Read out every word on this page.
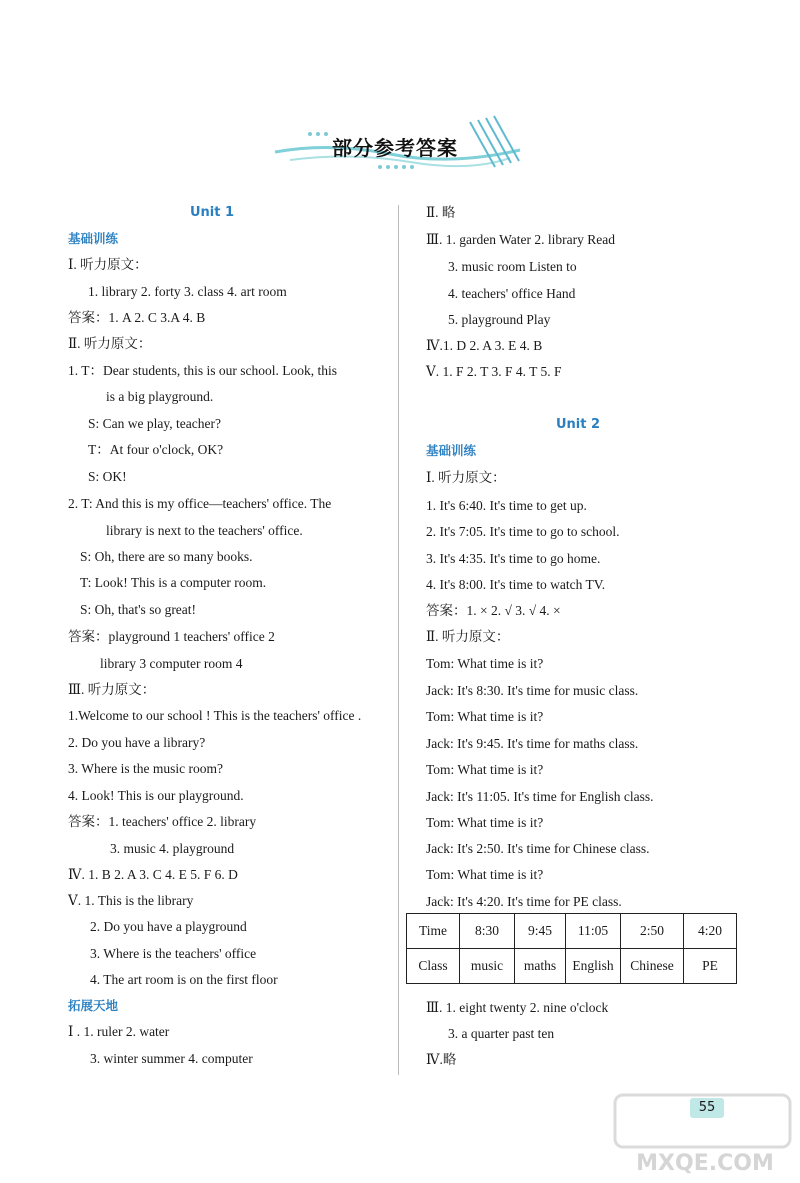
部分参考答案
Unit 1
基础训练
Ⅰ. 听力原文：
1. library 2. forty 3. class 4. art room
答案：1. A 2. C 3.A 4. B
Ⅱ. 听力原文：
1. T：Dear students, this is our school. Look, this
is a big playground.
S: Can we play, teacher?
T：At four o'clock, OK?
S: OK!
2. T: And this is my office—teachers' office. The
library is next to the teachers' office.
S: Oh, there are so many books.
T: Look! This is a computer room.
S: Oh, that's so great!
答案：playground 1 teachers' office 2
library 3 computer room 4
Ⅲ. 听力原文：
1.Welcome to our school ! This is the teachers' office .
2. Do you have a library?
3. Where is the music room?
4. Look! This is our playground.
答案：1. teachers' office 2. library
3. music 4. playground
Ⅳ. 1. B 2. A 3. C 4. E 5. F 6. D
Ⅴ. 1. This is the library
2. Do you have a playground
3. Where is the teachers' office
4. The art room is on the first floor
拓展天地
Ⅰ . 1. ruler 2. water
3. winter summer 4. computer
Ⅱ. 略
Ⅲ. 1. garden Water 2. library Read
3. music room Listen to
4. teachers' office Hand
5. playground Play
Ⅳ.1. D 2. A 3. E 4. B
Ⅴ. 1. F 2. T 3. F 4. T 5. F
Unit 2
基础训练
Ⅰ. 听力原文：
1. It's 6:40. It's time to get up.
2. It's 7:05. It's time to go to school.
3. It's 4:35. It's time to go home.
4. It's 8:00. It's time to watch TV.
答案：1. × 2. √ 3. √ 4. ×
Ⅱ. 听力原文：
Tom: What time is it?
Jack: It's 8:30. It's time for music class.
Tom: What time is it?
Jack: It's 9:45. It's time for maths class.
Tom: What time is it?
Jack: It's 11:05. It's time for English class.
Tom: What time is it?
Jack: It's 2:50. It's time for Chinese class.
Tom: What time is it?
Jack: It's 4:20. It's time for PE class.
Ⅲ. 1. eight twenty 2. nine o'clock
3. a quarter past ten
Ⅳ.略
Time	8:30	9:45	11:05	2:50	4:20
Class	music	maths	English	Chinese	PE
MXQE.COM
55
